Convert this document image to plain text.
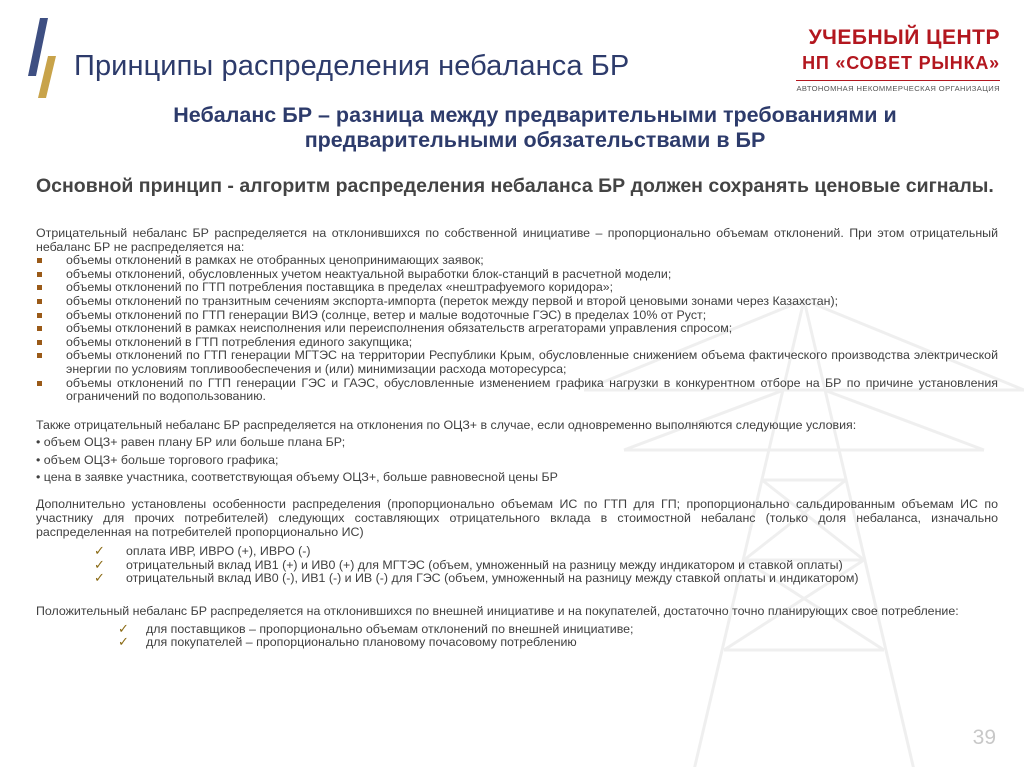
Принципы распределения небаланса БР
УЧЕБНЫЙ ЦЕНТР
НП «СОВЕТ РЫНКА»
АВТОНОМНАЯ НЕКОММЕРЧЕСКАЯ ОРГАНИЗАЦИЯ
Небаланс БР – разница между предварительными требованиями и предварительными обязательствами в БР
Основной принцип - алгоритм распределения небаланса БР должен сохранять ценовые сигналы.

Отрицательный небаланс БР распределяется на отклонившихся по собственной инициативе – пропорционально объемам отклонений. При этом отрицательный небаланс БР не распределяется на:

объемы отклонений в рамках не отобранных ценопринимающих заявок;
объемы отклонений, обусловленных учетом неактуальной выработки блок-станций в расчетной модели;
объемы отклонений по ГТП потребления поставщика в пределах «нештрафуемого коридора»;
объемы отклонений по транзитным сечениям экспорта-импорта (переток между первой и второй ценовыми зонами через Казахстан);
объемы отклонений по ГТП генерации ВИЭ (солнце, ветер и малые водоточные ГЭС) в пределах 10% от Руст;
объемы отклонений в рамках неисполнения или переисполнения обязательств агрегаторами управления спросом;
объемы отклонений в ГТП потребления единого закупщика;
объемы отклонений по ГТП генерации МГТЭС на территории Республики Крым, обусловленные снижением объема фактического производства электрической энергии по условиям топливообеспечения и (или) минимизации расхода моторесурса;
объемы отклонений по ГТП генерации ГЭС и ГАЭС, обусловленные изменением графика нагрузки в конкурентном отборе на БР по причине установления ограничений по водопользованию.

Также отрицательный небаланс БР распределяется на отклонения по ОЦЗ+ в случае, если одновременно выполняются следующие условия:

• объем ОЦЗ+ равен плану БР или больше плана БР;
• объем ОЦЗ+ больше торгового графика;
• цена в заявке участника, соответствующая объему ОЦЗ+, больше равновесной цены БР

Дополнительно установлены особенности распределения (пропорционально объемам ИС по ГТП для ГП; пропорционально сальдированным объемам ИС по участнику для прочих потребителей) следующих составляющих отрицательного вклада в стоимостной небаланс (только доля небаланса, изначально распределенная на потребителей пропорционально ИС)

✓ оплата ИВР, ИВРО (+), ИВРО (-)
✓ отрицательный вклад ИВ1 (+) и ИВ0 (+) для МГТЭС (объем, умноженный на разницу между индикатором и ставкой оплаты)
✓ отрицательный вклад ИВ0 (-), ИВ1 (-) и ИВ (-) для ГЭС (объем, умноженный на разницу между ставкой оплаты и индикатором)

Положительный небаланс БР распределяется на отклонившихся по внешней инициативе и на покупателей, достаточно точно планирующих свое потребление:

✓ для поставщиков – пропорционально объемам отклонений по внешней инициативе;
✓ для покупателей – пропорционально плановому почасовому потреблению
39
